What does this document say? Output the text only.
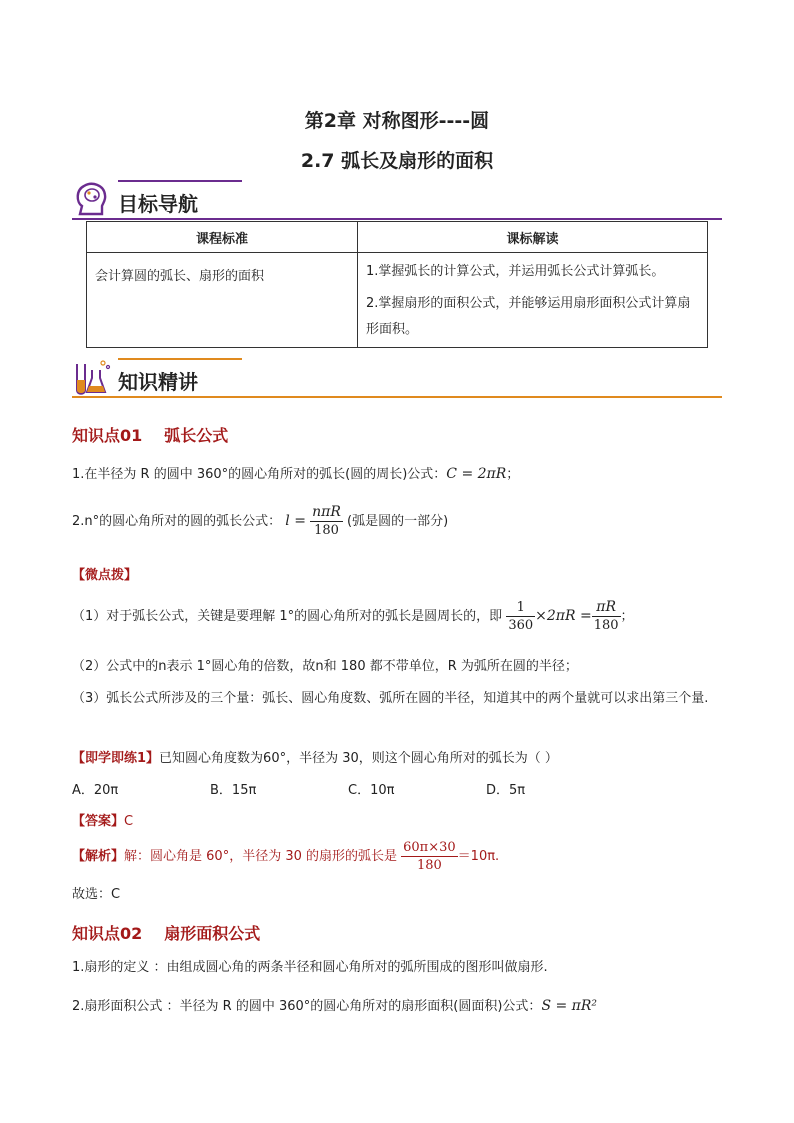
第2章 对称图形----圆
2.7 弧长及扇形的面积
目标导航
课程标准	课标解读
会计算圆的弧长、扇形的面积	1.掌握弧长的计算公式，并运用弧长公式计算弧长。

2.掌握扇形的面积公式，并能够运用扇形面积公式计算扇形面积。

知识精讲
知识点01 弧长公式
1.在半径为 R 的圆中 360°的圆心角所对的弧长(圆的周长)公式：C = 2πR；
2.n°的圆心角所对的圆的弧长公式： $l = \frac{\text{nπR}}{180}$ (弧是圆的一部分)
【微点拨】
（1）对于弧长公式，关键是要理解 1°的圆心角所对的弧长是圆周长的，即 $\frac{1}{360} \times 2\pi R = \frac{\pi R}{180}$ ；
（2）公式中的n表示 1°圆心角的倍数，故n和 180 都不带单位，R 为弧所在圆的半径；
（3）弧长公式所涉及的三个量：弧长、圆心角度数、弧所在圆的半径，知道其中的两个量就可以求出第三个量.
【即学即练1】已知圆心角度数为60°，半径为 30，则这个圆心角所对的弧长为（ ）
A．20π	B．15π	C．10π	D．5π
【答案】C
【解析】解：圆心角是 60°，半径为 30 的扇形的弧长是 $\frac{60\pi\times 30}{180} =10\pi$.
故选：C
知识点02 扇形面积公式
1.扇形的定义 ：由组成圆心角的两条半径和圆心角所对的弧所围成的图形叫做扇形.
2.扇形面积公式 ：半径为 R 的圆中 360°的圆心角所对的扇形面积(圆面积)公式：S = πR²
